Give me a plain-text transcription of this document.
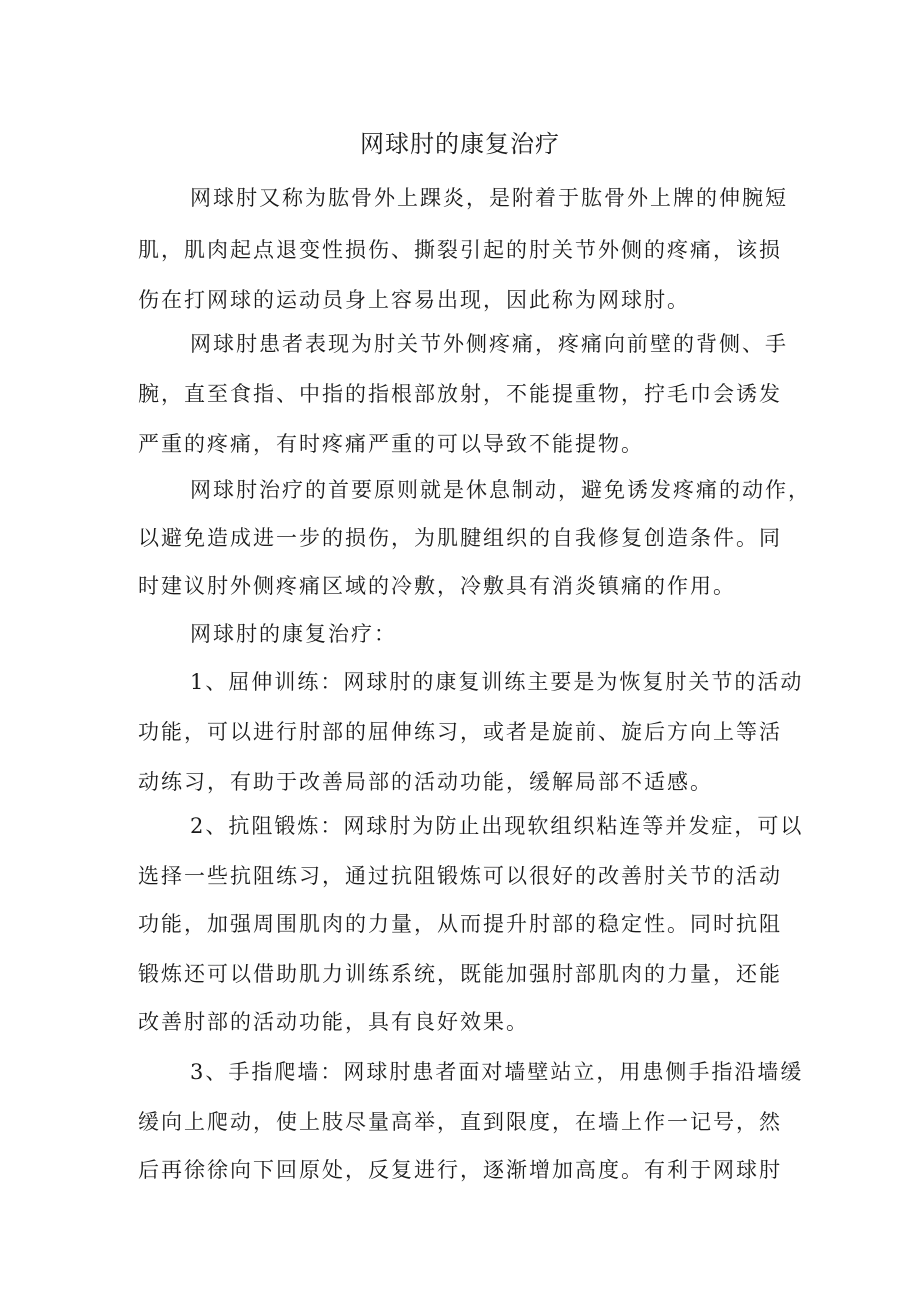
网球肘的康复治疗
网球肘又称为肱骨外上踝炎，是附着于肱骨外上牌的伸腕短
肌，肌肉起点退变性损伤、撕裂引起的肘关节外侧的疼痛，该损
伤在打网球的运动员身上容易出现，因此称为网球肘。
网球肘患者表现为肘关节外侧疼痛，疼痛向前壁的背侧、手
腕，直至食指、中指的指根部放射，不能提重物，拧毛巾会诱发
严重的疼痛，有时疼痛严重的可以导致不能提物。
网球肘治疗的首要原则就是休息制动，避免诱发疼痛的动作，
以避免造成进一步的损伤，为肌腱组织的自我修复创造条件。同
时建议肘外侧疼痛区域的冷敷，冷敷具有消炎镇痛的作用。
网球肘的康复治疗：
1、屈伸训练：网球肘的康复训练主要是为恢复肘关节的活动
功能，可以进行肘部的屈伸练习，或者是旋前、旋后方向上等活
动练习，有助于改善局部的活动功能，缓解局部不适感。
2、抗阻锻炼：网球肘为防止出现软组织粘连等并发症，可以
选择一些抗阻练习，通过抗阻锻炼可以很好的改善肘关节的活动
功能，加强周围肌肉的力量，从而提升肘部的稳定性。同时抗阻
锻炼还可以借助肌力训练系统，既能加强肘部肌肉的力量，还能
改善肘部的活动功能，具有良好效果。
3、手指爬墙：网球肘患者面对墙壁站立，用患侧手指沿墙缓
缓向上爬动，使上肢尽量高举，直到限度，在墙上作一记号，然
后再徐徐向下回原处，反复进行，逐渐增加高度。有利于网球肘
